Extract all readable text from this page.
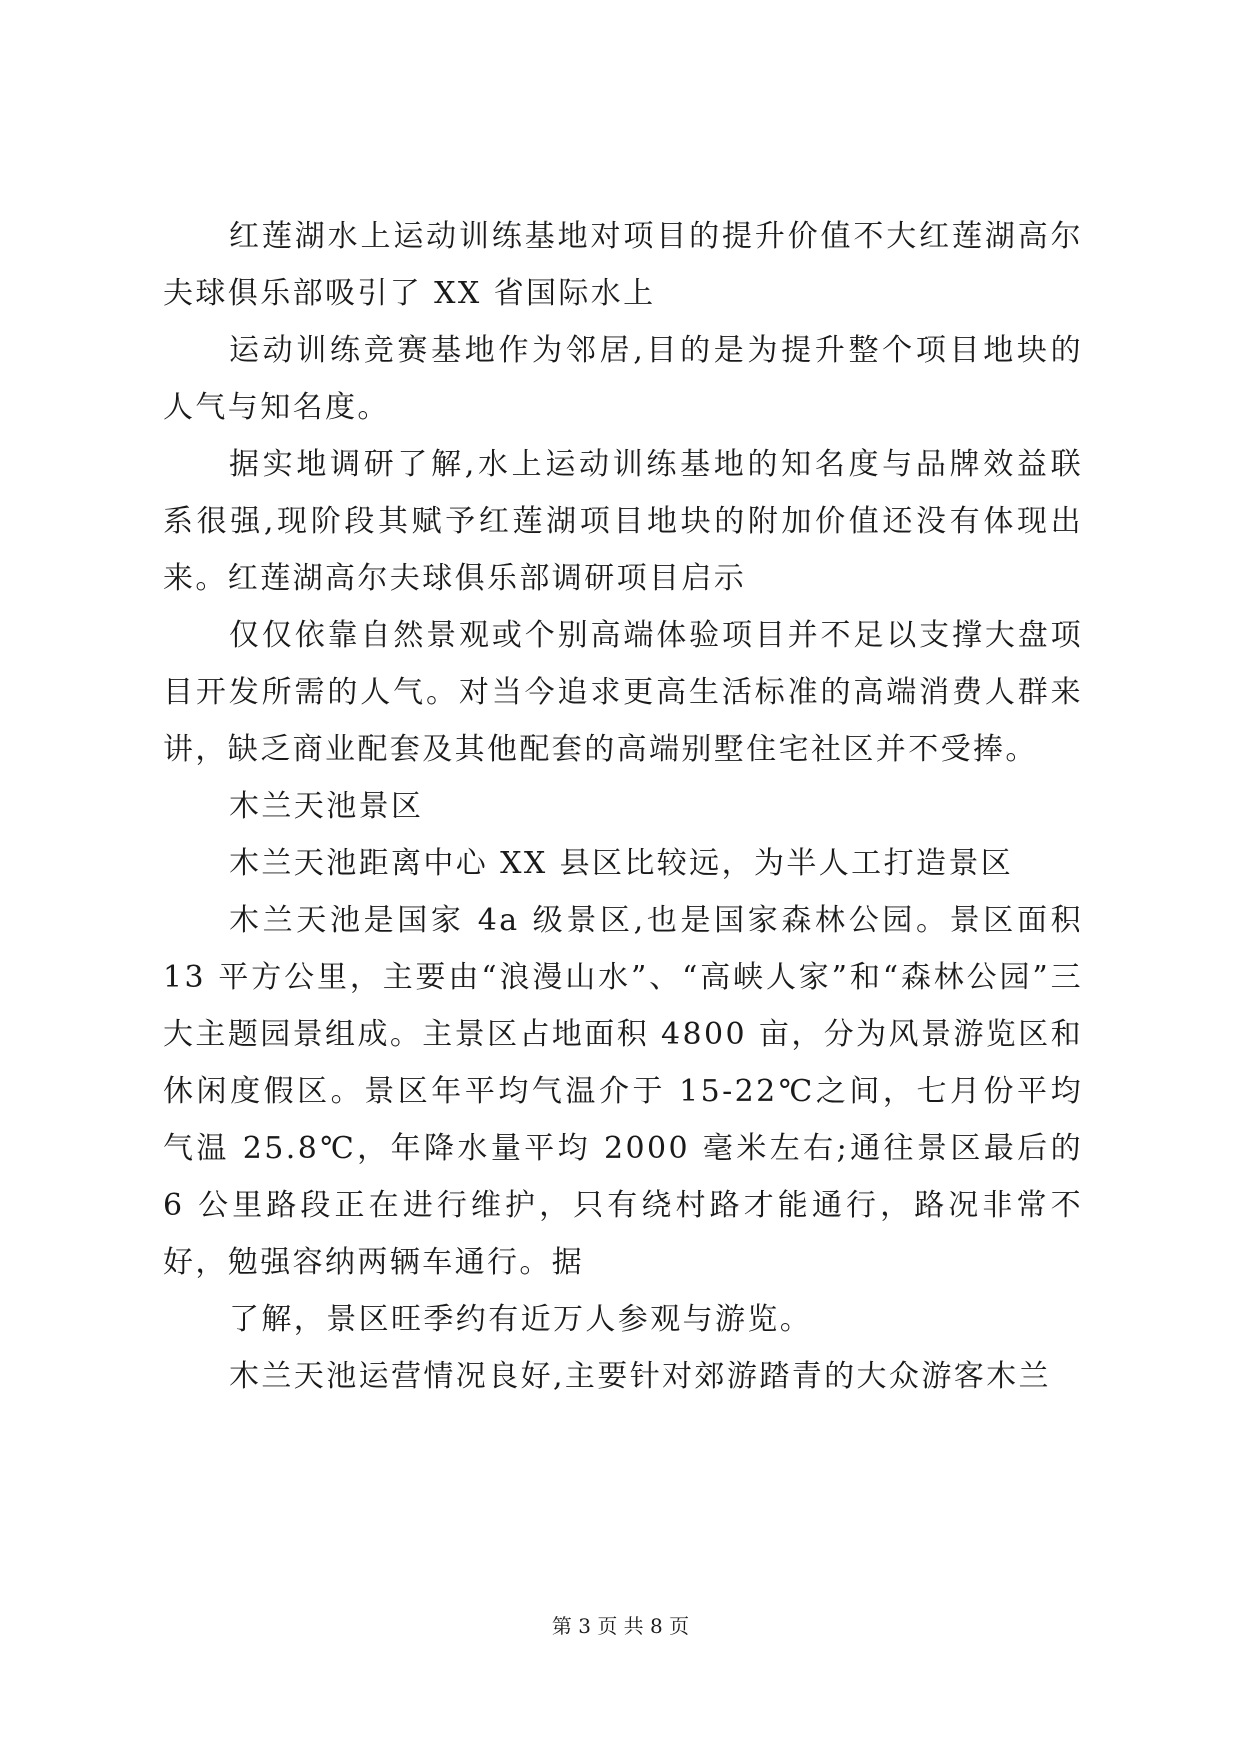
红莲湖水上运动训练基地对项目的提升价值不大红莲湖高尔夫球俱乐部吸引了 XX 省国际水上

运动训练竞赛基地作为邻居,目的是为提升整个项目地块的人气与知名度。

据实地调研了解,水上运动训练基地的知名度与品牌效益联系很强,现阶段其赋予红莲湖项目地块的附加价值还没有体现出来。红莲湖高尔夫球俱乐部调研项目启示

仅仅依靠自然景观或个别高端体验项目并不足以支撑大盘项目开发所需的人气。对当今追求更高生活标准的高端消费人群来讲，缺乏商业配套及其他配套的高端别墅住宅社区并不受捧。

木兰天池景区

木兰天池距离中心 XX 县区比较远，为半人工打造景区

木兰天池是国家 4a 级景区,也是国家森林公园。景区面积 13 平方公里，主要由“浪漫山水”、“高峡人家”和“森林公园”三大主题园景组成。主景区占地面积 4800 亩，分为风景游览区和休闲度假区。景区年平均气温介于 15-22℃之间，七月份平均气温 25.8℃，年降水量平均 2000 毫米左右;通往景区最后的 6 公里路段正在进行维护，只有绕村路才能通行，路况非常不好，勉强容纳两辆车通行。据

了解，景区旺季约有近万人参观与游览。

木兰天池运营情况良好,主要针对郊游踏青的大众游客木兰

第 3 页 共 8 页
